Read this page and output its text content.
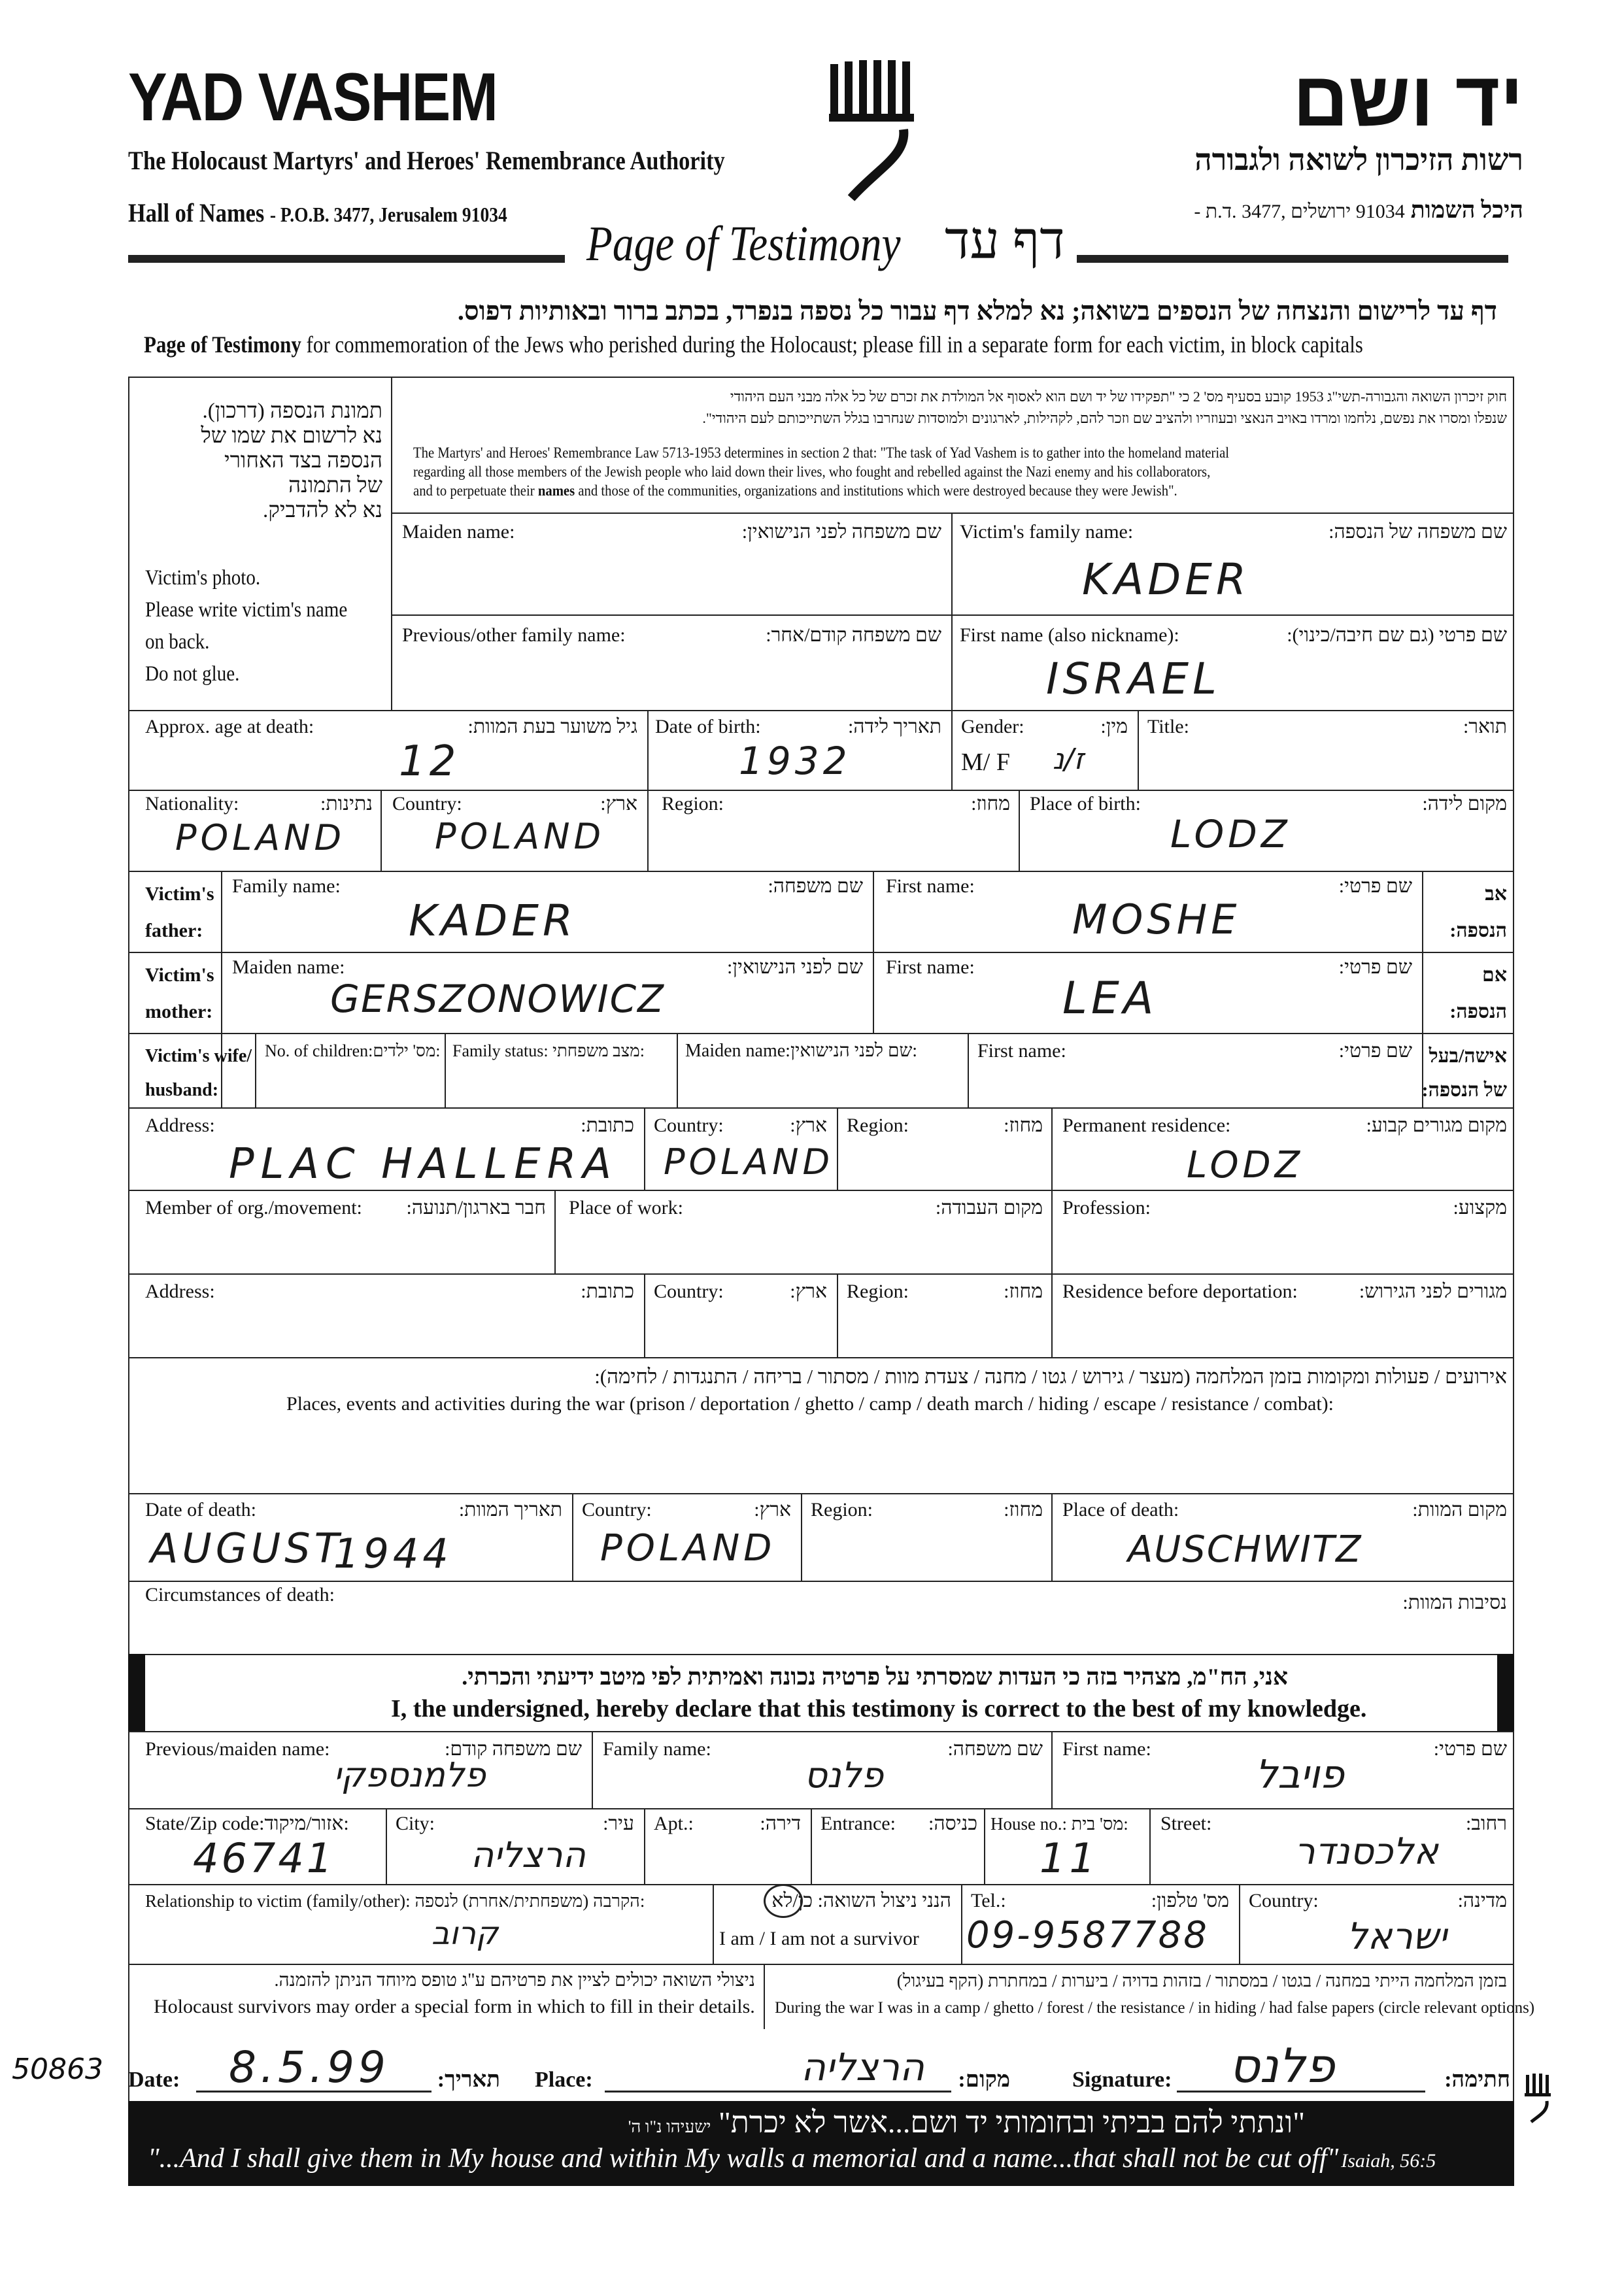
YAD VASHEM
The Holocaust Martyrs' and Heroes' Remembrance Authority
Hall of Names - P.O.B. 3477, Jerusalem 91034
Page of Testimony דף עד
יד ושם
רשות הזיכרון לשואה ולגבורה
היכל השמות 91034 ירושלים ,3477 .ד.ת -
דף עד לרישום והנצחה של הנספים בשואה; נא למלא דף עבור כל נספה בנפרד, בכתב ברור ובאותיות דפוס.
Page of Testimony for commemoration of the Jews who perished during the Holocaust; please fill in a separate form for each victim, in block capitals
תמונת הנספה (דרכון).
נא לרשום את שמו של
הנספה בצד האחורי
של התמונה
נא לא להדביק.
Victim's photo.
Please write victim's name
on back.
Do not glue.
חוק זיכרון השואה והגבורה-תשי"ג 1953 קובע בסעיף מס' 2 כי "תפקידו של יד ושם הוא לאסוף אל המולדת את זכרם של כל אלה מבני העם היהודי
שנפלו ומסרו את נפשם, נלחמו ומרדו באויב הנאצי ובעוזריו ולהציב שם וזכר להם, לקהילות, לארגונים ולמוסדות שנחרבו בגלל השתייכותם לעם היהודי".
The Martyrs' and Heroes' Remembrance Law 5713-1953 determines in section 2 that: "The task of Yad Vashem is to gather into the homeland material
regarding all those members of the Jewish people who laid down their lives, who fought and rebelled against the Nazi enemy and his collaborators,
and to perpetuate their names and those of the communities, organizations and institutions which were destroyed because they were Jewish".
Maiden name:	שם משפחה לפני הנישואין: Victim's family name:	שם משפחה של הנספה:
KADER
Previous/other family name:	שם משפחה קודם/אחר: First name (also nickname):	שם פרטי (גם שם חיבה/כינוי):
ISRAEL
Approx. age at death:	גיל משוער בעת המוות:
12
Date of birth:	תאריך לידה:
1932
Gender:	מין:
M/ F ז/נ
Title:	תואר:
Nationality:	נתינות:
POLAND
Country:	ארץ:
POLAND
Region:	מחוז: Place of birth:	מקום לידה:
LODZ
Victim's
father:
Family name:	שם משפחה:
KADER
First name:	שם פרטי:
MOSHE
אב
הנספה:
Victim's
mother:
Maiden name:	שם לפני הנישואין:
GERSZONOWICZ
First name:	שם פרטי:
LEA	אם
הנספה:
Victim's wife/
husband:
No. of children:מס' ילדים: Family status: מצב משפחתי: Maiden name:שם לפני הנישואין:	First name:	שם פרטי: אישה/בעל
של הנספה:
Address:	כתובת:
PLAC HALLERA
Country:	ארץ:
POLAND
Region:	מחוז: Permanent residence:	מקום מגורים קבוע:
LODZ
Member of org./movement:	חבר בארגון/תנועה: Place of work:	מקום העבודה: Profession:	מקצוע:
Address:	כתובת: Country:	ארץ: Region:	מחוז: Residence before deportation:	מגורים לפני הגירוש:
אירועים / פעולות ומקומות בזמן המלחמה (מעצר / גירוש / גטו / מחנה / צעדת מוות / מסתור / בריחה / התנגדות / לחימה):
Places, events and activities during the war (prison / deportation / ghetto / camp / death march / hiding / escape / resistance / combat):
Date of death:	תאריך המוות:
AUGUST
1944
Country:	ארץ:
POLAND
Region:	מחוז: Place of death:	מקום המוות:
AUSCHWITZ
Circumstances of death:	נסיבות המוות:
אני, הח"מ, מצהיר בזה כי העדות שמסרתי על פרטיה נכונה ואמיתית לפי מיטב ידיעתי והכרתי.
I, the undersigned, hereby declare that this testimony is correct to the best of my knowledge.
Previous/maiden name:	שם משפחה קודם:
פלמנספקי
Family name:	שם משפחה:
פלנס
First name:	שם פרטי:
פויבל
State/Zip code:אזור/מיקוד:
46741
City:	עיר:
הרצליה
Apt.:	דירה: Entrance:	כניסה: House no.: מס' בית:
11
Street:	רחוב:
אלכסנדר
Relationship to victim (family/other): הקרבה (משפחתית/אחרת) לנספה:
קרוב
הנני ניצול השואה: כן/לא
I am / I am not a survivor
Tel.:	מס' טלפון:
09-9587788
Country:	מדינה:
ישראל
ניצולי השואה יכולים לציין את פרטיהם ע"ג טופס מיוחד הניתן להזמנה.
Holocaust survivors may order a special form in which to fill in their details.
בזמן המלחמה הייתי במחנה / בגטו / במסתור / בזהות בדויה / ביערות / במחתרת (הקף בעיגול)
During the war I was in a camp / ghetto / forest / the resistance / in hiding / had false papers (circle relevant options)
50863 Date: 8.5.99 תאריך: Place:	הרצליה	מקום:	Signature: פלנס	חתימה:
"ונתתי להם בביתי ובחומותי יד ושם...אשר לא יכרת" ישעיהו נ"ו ה'
"...And I shall give them in My house and within My walls a memorial and a name...that shall not be cut off" Isaiah, 56:5
